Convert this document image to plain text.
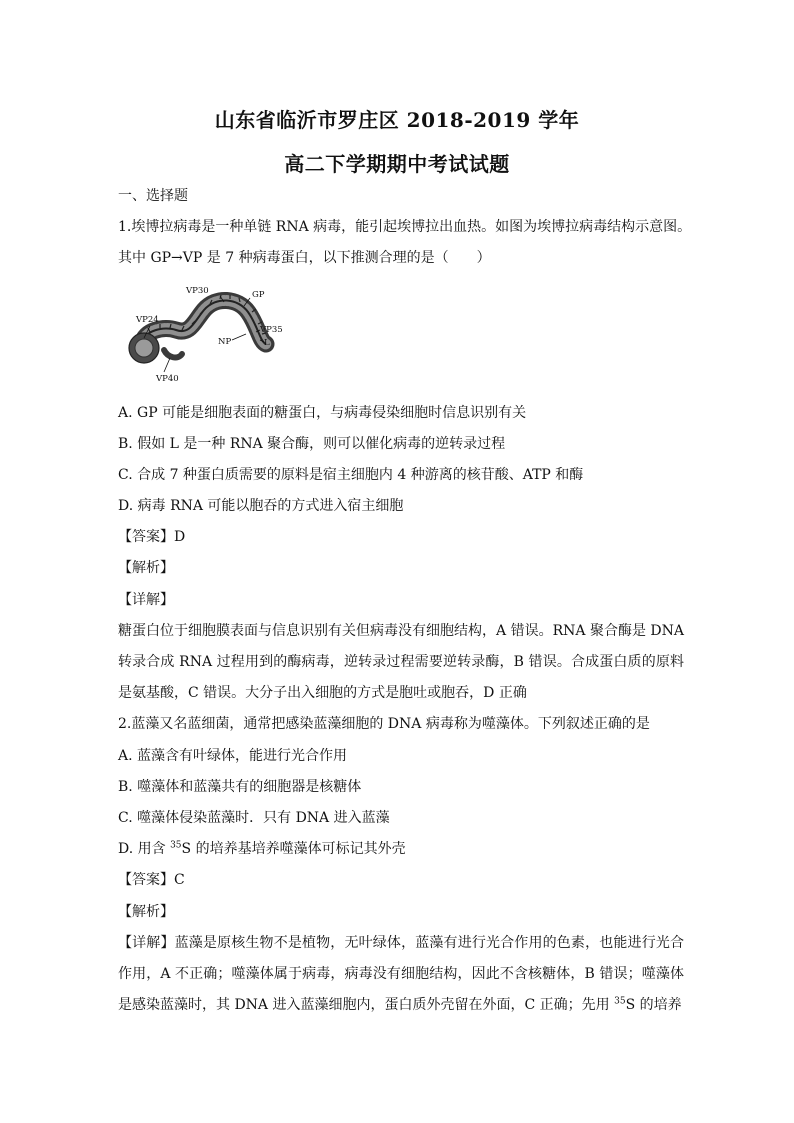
山东省临沂市罗庄区 2018-2019 学年
高二下学期期中考试试题
一、选择题
1.埃博拉病毒是一种单链 RNA 病毒，能引起埃博拉出血热。如图为埃博拉病毒结构示意图。
其中 GP→VP 是 7 种病毒蛋白，以下推测合理的是（　　）
VP30	GP
VP24
VP35
NP	L
VP40
A. GP 可能是细胞表面的糖蛋白，与病毒侵染细胞时信息识别有关
B. 假如 L 是一种 RNA 聚合酶，则可以催化病毒的逆转录过程
C. 合成 7 种蛋白质需要的原料是宿主细胞内 4 种游离的核苷酸、ATP 和酶
D. 病毒 RNA 可能以胞吞的方式进入宿主细胞
【答案】D
【解析】
【详解】
糖蛋白位于细胞膜表面与信息识别有关但病毒没有细胞结构，A 错误。RNA 聚合酶是 DNA
转录合成 RNA 过程用到的酶病毒，逆转录过程需要逆转录酶，B 错误。合成蛋白质的原料
是氨基酸，C 错误。大分子出入细胞的方式是胞吐或胞吞，D 正确
2.蓝藻又名蓝细菌，通常把感染蓝藻细胞的 DNA 病毒称为噬藻体。下列叙述正确的是
A. 蓝藻含有叶绿体，能进行光合作用
B. 噬藻体和蓝藻共有的细胞器是核糖体
C. 噬藻体侵染蓝藻时．只有 DNA 进入蓝藻
D. 用含 $^{35}$S 的培养基培养噬藻体可标记其外壳
【答案】C
【解析】
【详解】蓝藻是原核生物不是植物，无叶绿体，蓝藻有进行光合作用的色素，也能进行光合
作用，A 不正确；噬藻体属于病毒，病毒没有细胞结构，因此不含核糖体，B 错误；噬藻体
是感染蓝藻时，其 DNA 进入蓝藻细胞内，蛋白质外壳留在外面，C 正确；先用 $^{35}$S 的培养
